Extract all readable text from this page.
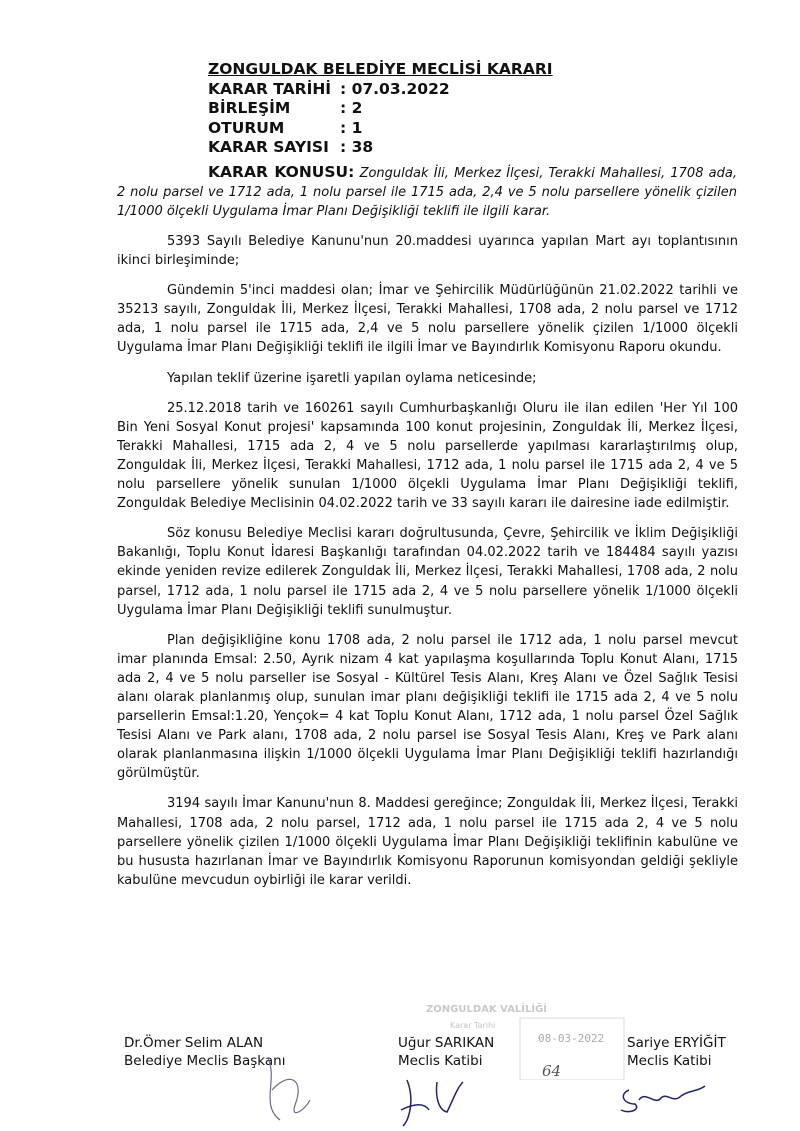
ZONGULDAK BELEDİYE MECLİSİ KARARI
KARAR TARİHİ : 07.03.2022
BİRLEŞİM	: 2
OTURUM	: 1
KARAR SAYISI : 38
KARAR KONUSU: Zonguldak İli, Merkez İlçesi, Terakki Mahallesi, 1708 ada, 2 nolu parsel ve 1712 ada, 1 nolu parsel ile 1715 ada, 2,4 ve 5 nolu parsellere yönelik çizilen 1/1000 ölçekli Uygulama İmar Planı Değişikliği teklifi ile ilgili karar.

5393 Sayılı Belediye Kanunu'nun 20.maddesi uyarınca yapılan Mart ayı toplantısının ikinci birleşiminde;

Gündemin 5'inci maddesi olan; İmar ve Şehircilik Müdürlüğünün 21.02.2022 tarihli ve 35213 sayılı, Zonguldak İli, Merkez İlçesi, Terakki Mahallesi, 1708 ada, 2 nolu parsel ve 1712 ada, 1 nolu parsel ile 1715 ada, 2,4 ve 5 nolu parsellere yönelik çizilen 1/1000 ölçekli Uygulama İmar Planı Değişikliği teklifi ile ilgili İmar ve Bayındırlık Komisyonu Raporu okundu.

Yapılan teklif üzerine işaretli yapılan oylama neticesinde;

25.12.2018 tarih ve 160261 sayılı Cumhurbaşkanlığı Oluru ile ilan edilen 'Her Yıl 100 Bin Yeni Sosyal Konut projesi' kapsamında 100 konut projesinin, Zonguldak İli, Merkez İlçesi, Terakki Mahallesi, 1715 ada 2, 4 ve 5 nolu parsellerde yapılması kararlaştırılmış olup, Zonguldak İli, Merkez İlçesi, Terakki Mahallesi, 1712 ada, 1 nolu parsel ile 1715 ada 2, 4 ve 5 nolu parsellere yönelik sunulan 1/1000 ölçekli Uygulama İmar Planı Değişikliği teklifi, Zonguldak Belediye Meclisinin 04.02.2022 tarih ve 33 sayılı kararı ile dairesine iade edilmiştir.

Söz konusu Belediye Meclisi kararı doğrultusunda, Çevre, Şehircilik ve İklim Değişikliği Bakanlığı, Toplu Konut İdaresi Başkanlığı tarafından 04.02.2022 tarih ve 184484 sayılı yazısı ekinde yeniden revize edilerek Zonguldak İli, Merkez İlçesi, Terakki Mahallesi, 1708 ada, 2 nolu parsel, 1712 ada, 1 nolu parsel ile 1715 ada 2, 4 ve 5 nolu parsellere yönelik 1/1000 ölçekli Uygulama İmar Planı Değişikliği teklifi sunulmuştur.

Plan değişikliğine konu 1708 ada, 2 nolu parsel ile 1712 ada, 1 nolu parsel mevcut imar planında Emsal: 2.50, Ayrık nizam 4 kat yapılaşma koşullarında Toplu Konut Alanı, 1715 ada 2, 4 ve 5 nolu parseller ise Sosyal - Kültürel Tesis Alanı, Kreş Alanı ve Özel Sağlık Tesisi alanı olarak planlanmış olup, sunulan imar planı değişikliği teklifi ile 1715 ada 2, 4 ve 5 nolu parsellerin Emsal:1.20, Yençok= 4 kat Toplu Konut Alanı, 1712 ada, 1 nolu parsel Özel Sağlık Tesisi Alanı ve Park alanı, 1708 ada, 2 nolu parsel ise Sosyal Tesis Alanı, Kreş ve Park alanı olarak planlanmasına ilişkin 1/1000 ölçekli Uygulama İmar Planı Değişikliği teklifi hazırlandığı görülmüştür.

3194 sayılı İmar Kanunu'nun 8. Maddesi gereğince; Zonguldak İli, Merkez İlçesi, Terakki Mahallesi, 1708 ada, 2 nolu parsel, 1712 ada, 1 nolu parsel ile 1715 ada 2, 4 ve 5 nolu parsellere yönelik çizilen 1/1000 ölçekli Uygulama İmar Planı Değişikliği teklifinin kabulüne ve bu hususta hazırlanan İmar ve Bayındırlık Komisyonu Raporunun komisyondan geldiği şekliyle kabulüne mevcudun oybirliği ile karar verildi.

ZONGULDAK VALİLİĞİ
Karar Tarihi
08-03-2022
64
Dr.Ömer Selim ALAN
Belediye Meclis Başkanı
Uğur SARIKAN
Meclis Katibi
Sariye ERYİĞİT
Meclis Katibi
